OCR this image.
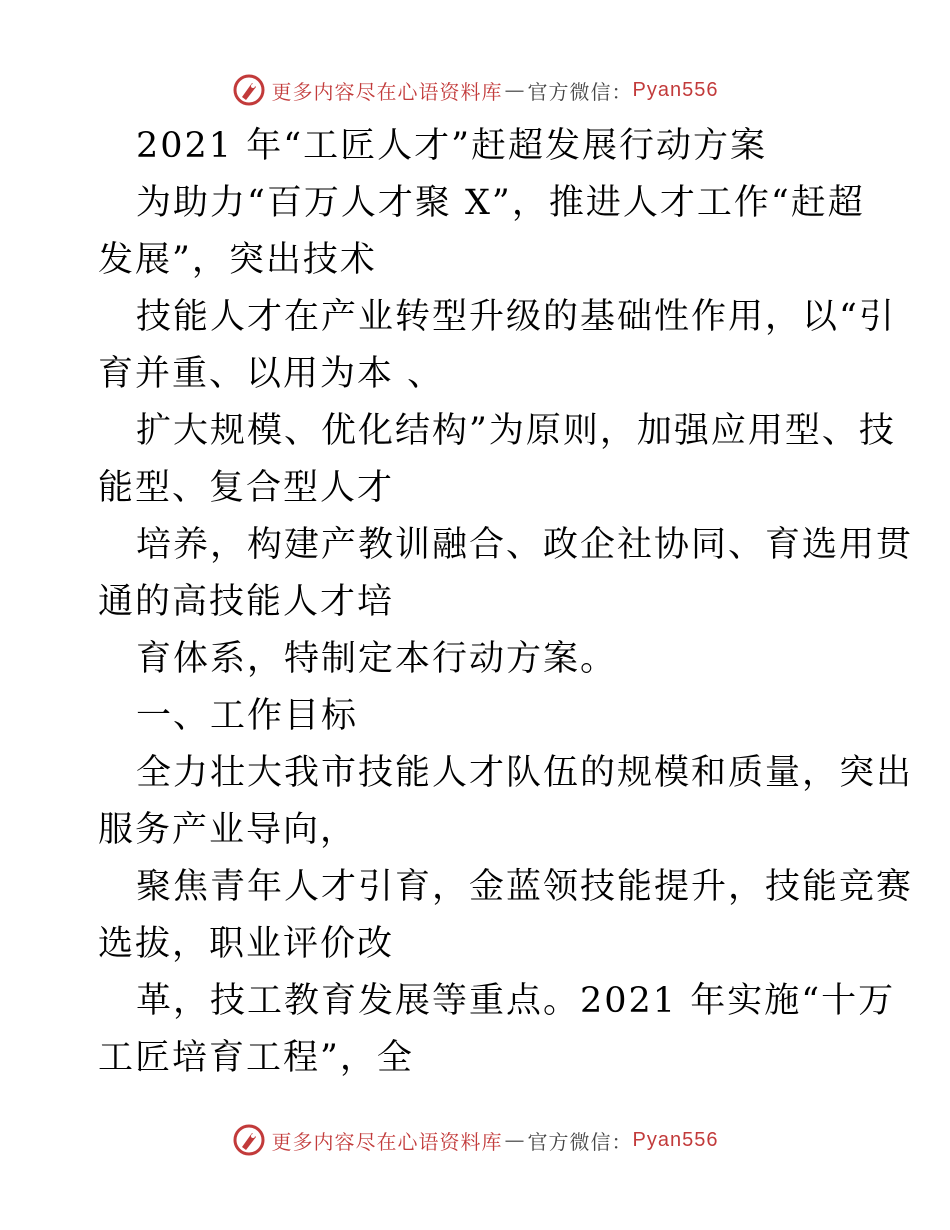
更多内容尽在心语资料库 — 官方微信 ： Pyan556
2021 年“工匠人才”赶超发展行动方案
为助力“百万人才聚 X”，推进人才工作“赶超
发展”，突出技术
技能人才在产业转型升级的基础性作用，以“引
育并重、以用为本 、
扩大规模、优化结构”为原则，加强应用型、技
能型、复合型人才
培养，构建产教训融合、政企社协同、育选用贯
通的高技能人才培
育体系，特制定本行动方案。
一、工作目标
全力壮大我市技能人才队伍的规模和质量，突出
服务产业导向，
聚焦青年人才引育，金蓝领技能提升，技能竞赛
选拔，职业评价改
革，技工教育发展等重点。2021 年实施“十万
工匠培育工程”，全
更多内容尽在心语资料库 — 官方微信 ： Pyan556
